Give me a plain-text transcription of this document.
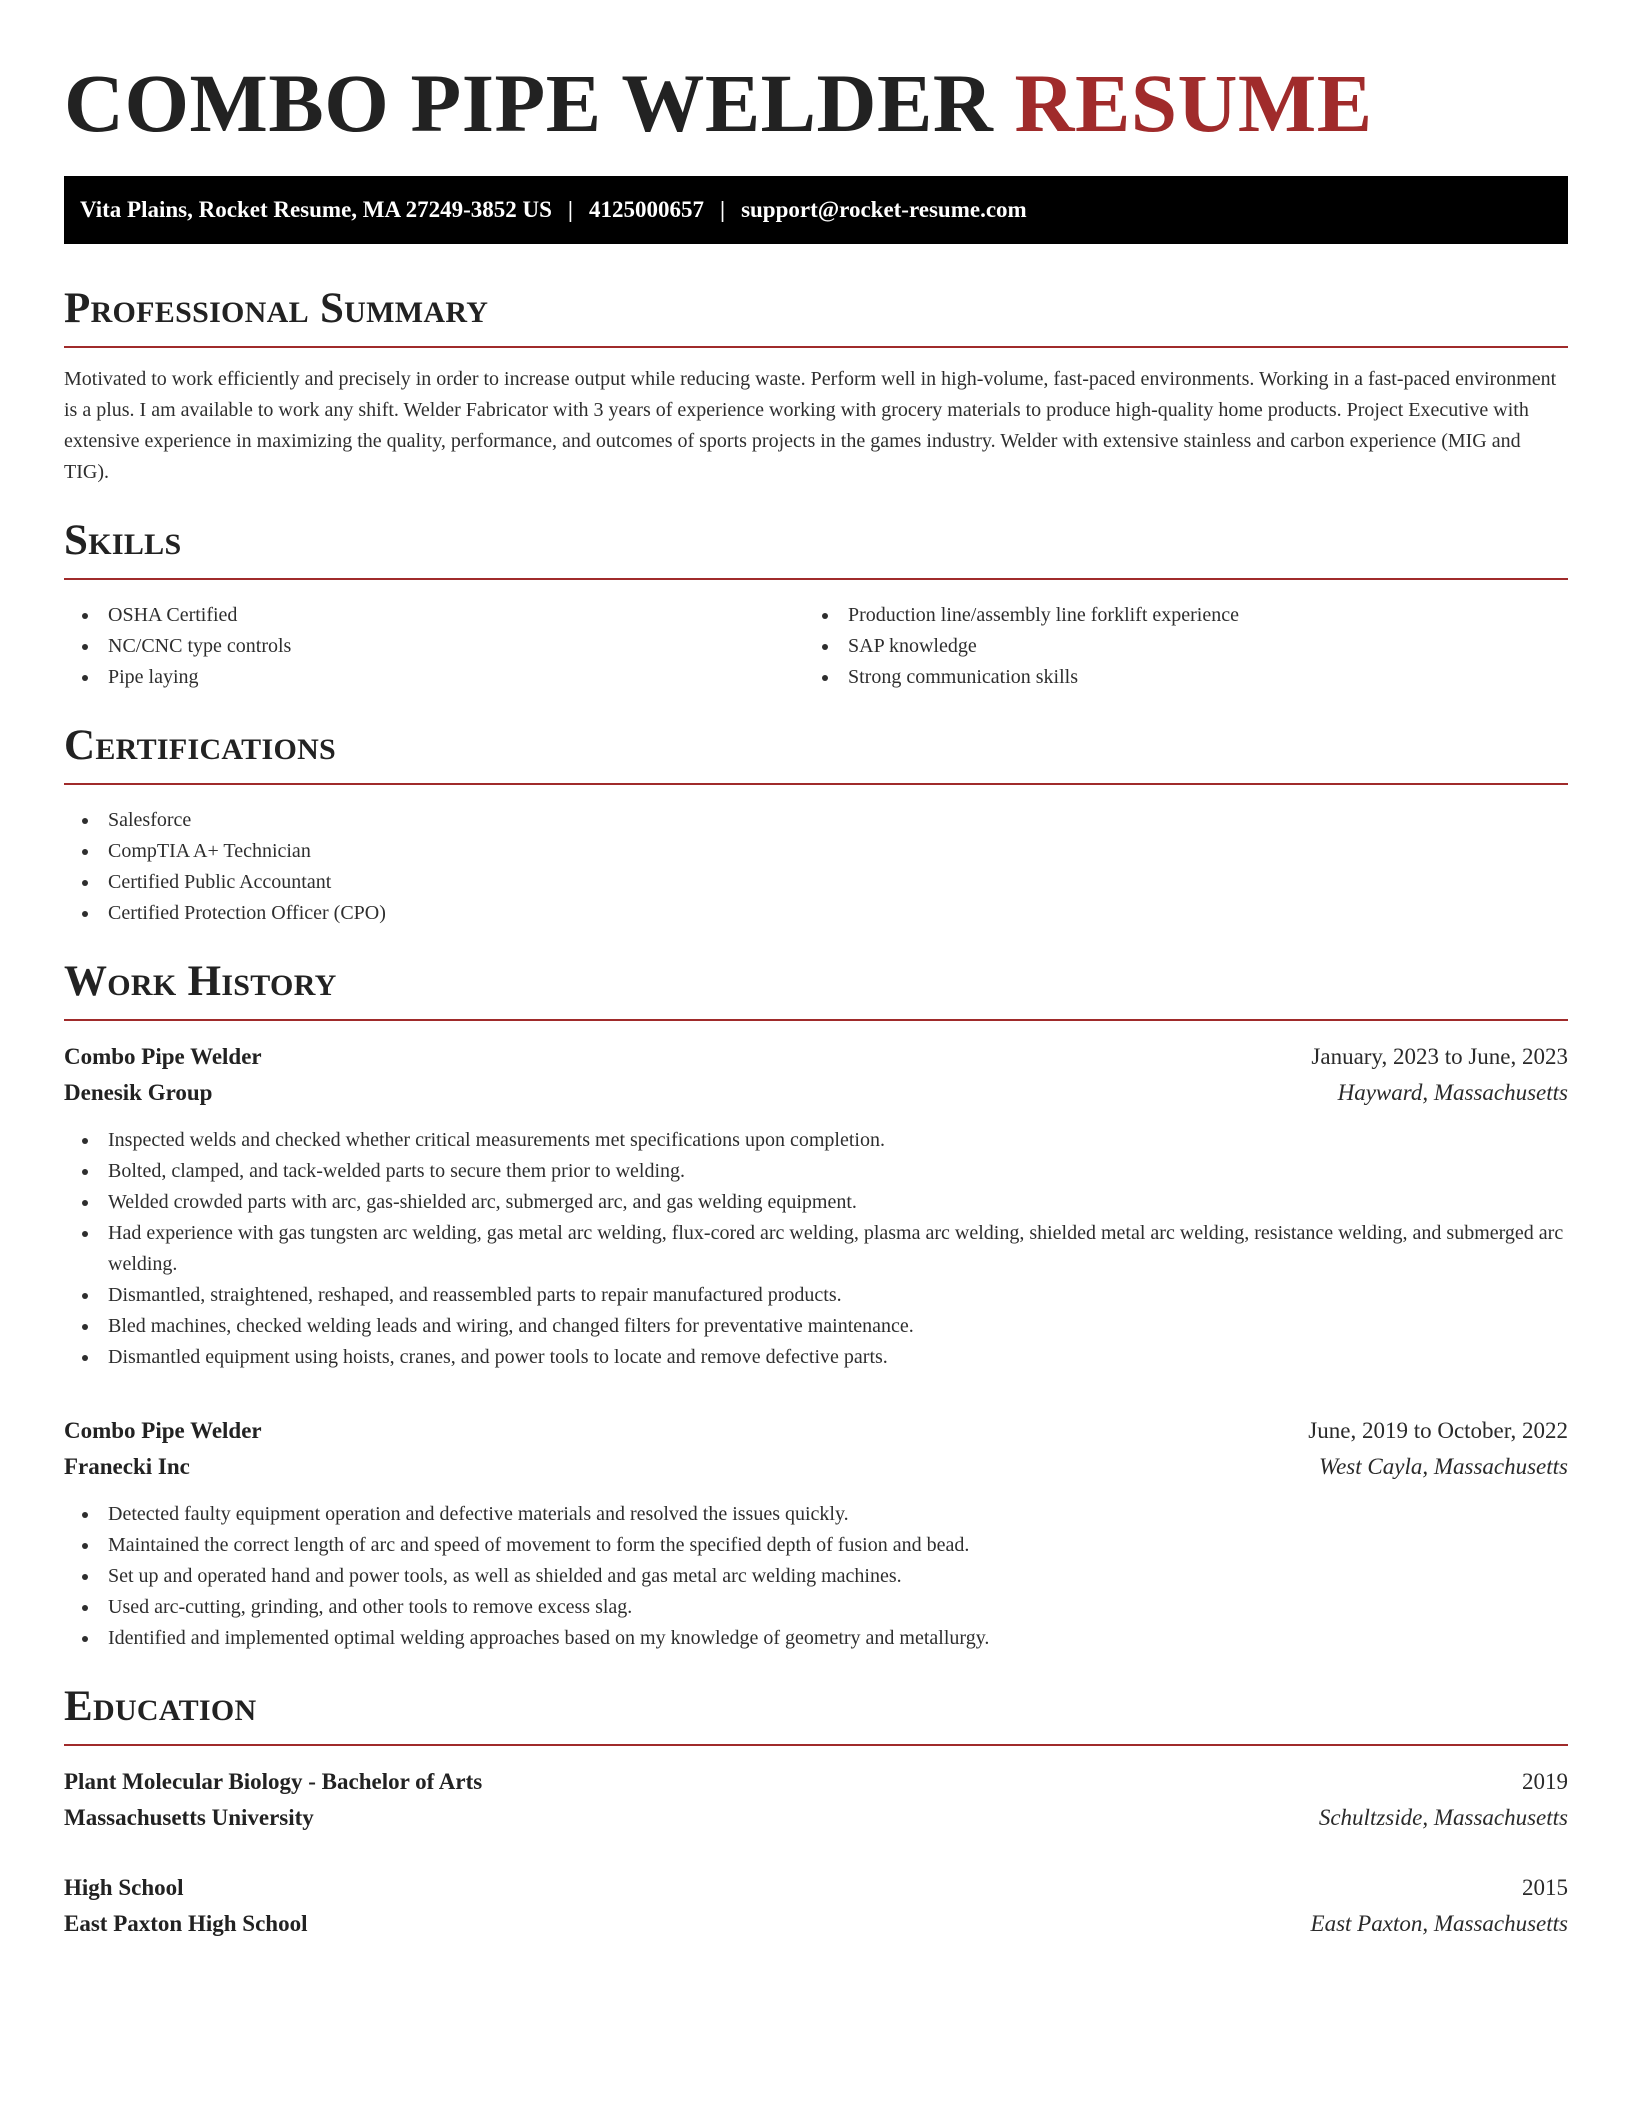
COMBO PIPE WELDER RESUME
Vita Plains, Rocket Resume, MA 27249-3852 US | 4125000657 | support@rocket-resume.com
Professional Summary

Motivated to work efficiently and precisely in order to increase output while reducing waste. Perform well in high-volume, fast-paced environments. Working in a fast-paced environment is a plus. I am available to work any shift. Welder Fabricator with 3 years of experience working with grocery materials to produce high-quality home products. Project Executive with extensive experience in maximizing the quality, performance, and outcomes of sports projects in the games industry. Welder with extensive stainless and carbon experience (MIG and TIG).

Skills
OSHA Certified
NC/CNC type controls
Pipe laying
Production line/assembly line forklift experience
SAP knowledge
Strong communication skills
Certifications
Salesforce
CompTIA A+ Technician
Certified Public Accountant
Certified Protection Officer (CPO)
Work History
Combo Pipe Welder	January, 2023 to June, 2023
Denesik Group	Hayward, Massachusetts
Inspected welds and checked whether critical measurements met specifications upon completion.
Bolted, clamped, and tack-welded parts to secure them prior to welding.
Welded crowded parts with arc, gas-shielded arc, submerged arc, and gas welding equipment.
Had experience with gas tungsten arc welding, gas metal arc welding, flux-cored arc welding, plasma arc welding, shielded metal arc welding, resistance welding, and submerged arc welding.
Dismantled, straightened, reshaped, and reassembled parts to repair manufactured products.
Bled machines, checked welding leads and wiring, and changed filters for preventative maintenance.
Dismantled equipment using hoists, cranes, and power tools to locate and remove defective parts.
Combo Pipe Welder	June, 2019 to October, 2022
Franecki Inc	West Cayla, Massachusetts
Detected faulty equipment operation and defective materials and resolved the issues quickly.
Maintained the correct length of arc and speed of movement to form the specified depth of fusion and bead.
Set up and operated hand and power tools, as well as shielded and gas metal arc welding machines.
Used arc-cutting, grinding, and other tools to remove excess slag.
Identified and implemented optimal welding approaches based on my knowledge of geometry and metallurgy.
Education
Plant Molecular Biology - Bachelor of Arts	2019
Massachusetts University	Schultzside, Massachusetts
High School	2015
East Paxton High School	East Paxton, Massachusetts
